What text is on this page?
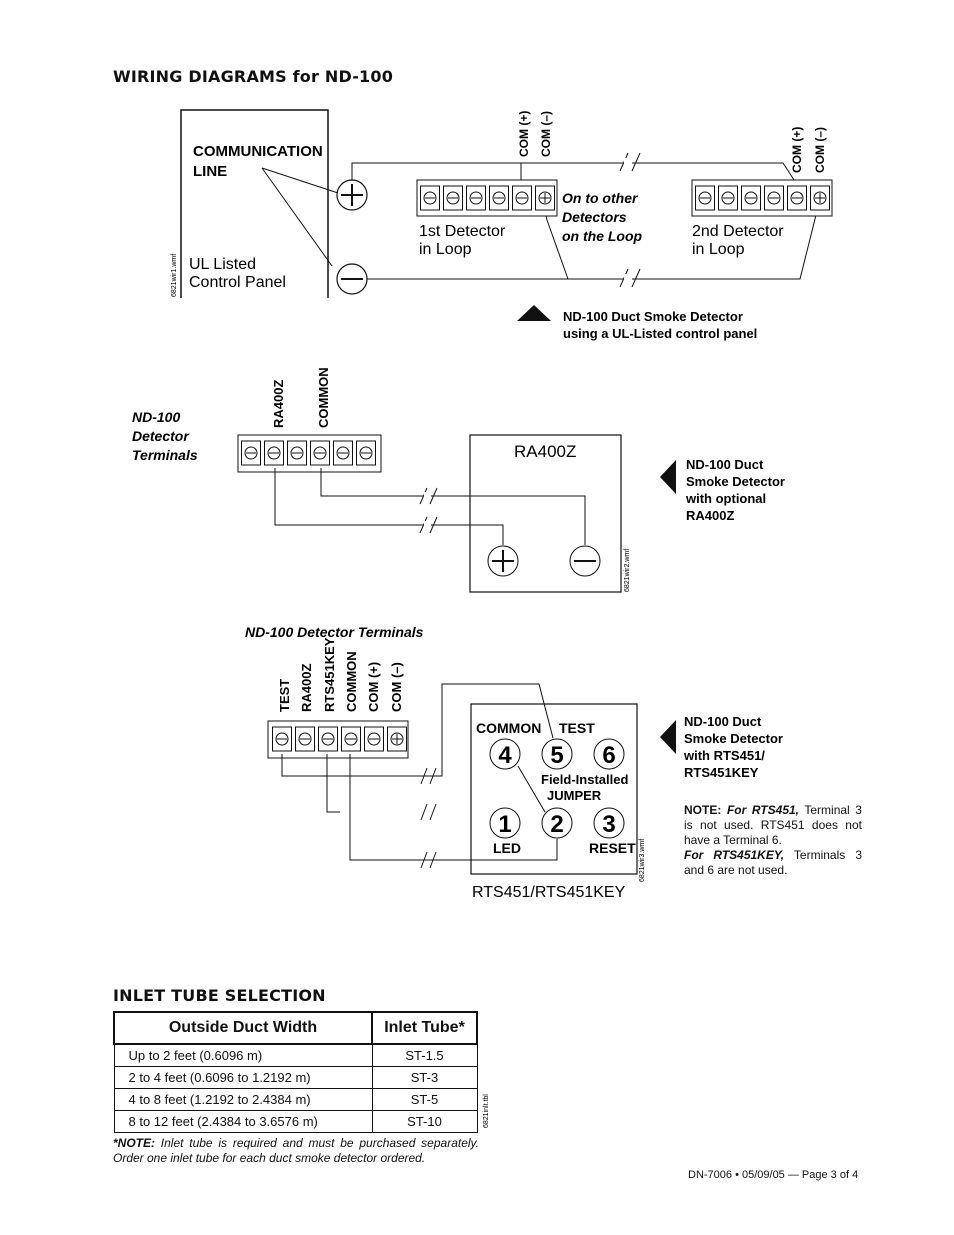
WIRING DIAGRAMS for ND-100
COMMUNICATION
LINE
UL Listed
Control Panel
6821wir1.wmf
1st Detector
in Loop
2nd Detector
in Loop
On to other
Detectors
on the Loop
COM (+) COM (–)	COM (+) COM (–)
ND-100 Duct Smoke Detector
using a UL-Listed control panel
ND-100
Detector
Terminals
RA400Z COMMON
RA400Z
6821wir2.wmf
ND-100 Duct
Smoke Detector
with optional
RA400Z
ND-100 Detector Terminals
TEST RA400Z RTS451KEY COMMON COM (+) COM (–)
COMMON TEST
4 5 6
1 2 3
Field-Installed
JUMPER
LED	RESET
RTS451/RTS451KEY
6821wir3.wmf
ND-100 Duct
Smoke Detector
with RTS451/
RTS451KEY
NOTE: For RTS451, Terminal 3 is not used. RTS451 does not have a Terminal 6.
For RTS451KEY, Terminals 3 and 6 are not used.
INLET TUBE SELECTION
Outside Duct Width	Inlet Tube*
Up to 2 feet (0.6096 m)	ST-1.5
2 to 4 feet (0.6096 to 1.2192 m)	ST-3
4 to 8 feet (1.2192 to 2.4384 m)	ST-5
8 to 12 feet (2.4384 to 3.6576 m)	ST-10	6821inlt.tbl
*NOTE: Inlet tube is required and must be purchased separately. Order one inlet tube for each duct smoke detector ordered.
DN-7006 • 05/09/05 — Page 3 of 4
